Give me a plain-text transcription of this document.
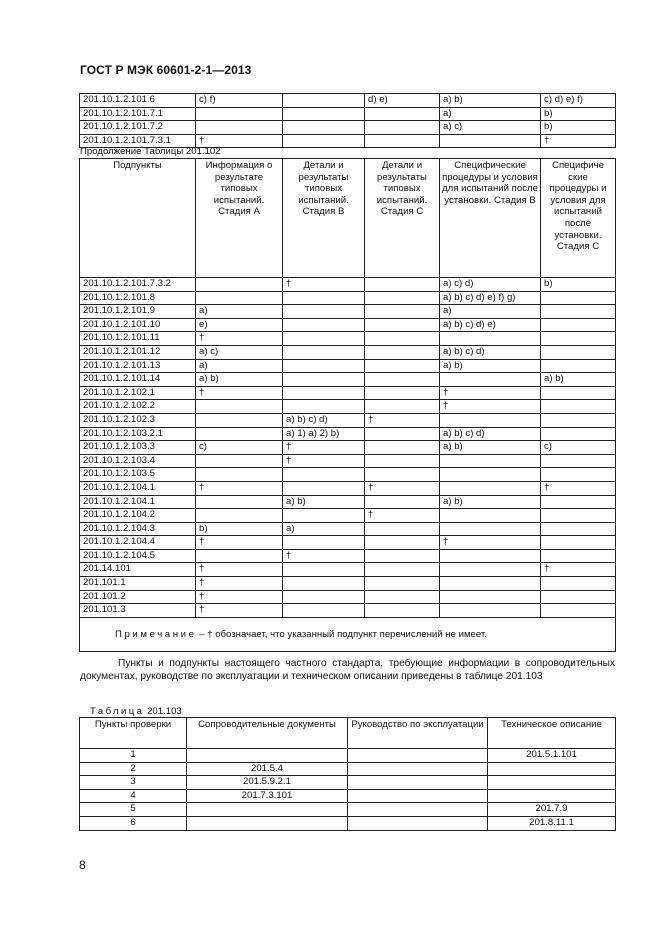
ГОСТ Р МЭК 60601-2-1—2013
201.10.1.2.101.6	c) f)		d) e)	a) b)	c) d) e) f)
201.10.1.2.101.7.1				a)	b)
201.10.1.2.101.7.2				a) c)	b)
201.10.1.2.101.7.3.1	†				†
Продолжение Таблицы 201.102
Подпункты	Информация о результате типовых испытаний. Стадия А	Детали и результаты типовых испытаний. Стадия В	Детали и результаты типовых испытаний. Стадия С	Специфические процедуры и условия для испытаний после установки. Стадия В	Специфиче ские процедуры и условия для испытаний после установки. Стадия С
201.10.1.2.101.7.3.2		†		a) c) d)	b)
201.10.1.2.101.8				a) b) c) d) e) f) g)	
201.10.1.2.101.9	a)			a)	
201.10.1.2.101.10	e)			a) b) c) d) e)	
201.10.1.2.101.11	†				
201.10.1.2.101.12	a) c)			a) b) c) d)	
201.10.1.2.101.13	a)			a) b)	
201.10.1.2.101.14	a) b)				a) b)
201.10.1.2.102.1	†			†	
201.10.1.2.102.2				†	
201.10.1.2.102.3		a) b) c) d)	†		
201.10.1.2.103.2.1		a) 1) a) 2) b)		a) b) c) d)	
201.10.1.2.103.3	c)	†		a) b)	c)
201.10.1.2.103.4		†			
201.10.1.2.103.5					
201.10.1.2.104.1	†		†		†
201.10.1.2.104.1		a) b)		a) b)	
201.10.1.2.104.2			†		
201.10.1.2.104.3	b)	a)			
201.10.1.2.104.4	†			†	
201.10.1.2.104.5		†			
201.14.101	†				†
201.101.1	†				
201.101.2	†				
201.101.3	†				
Примечание – † обозначает, что указанный подпункт перечислений не имеет.					
Пункты и подпункты настоящего частного стандарта, требующие информации в сопроводительных документах, руководстве по эксплуатации и техническом описании приведены в таблице 201.103
Таблица 201.103
Пункты проверки	Сопроводительные документы	Руководство по эксплуатации	Техническое описание
1			201.5.1.101
2	201.5.4		
3	201.5.9.2.1		
4	201.7.3.101		
5			201.7.9
6			201.8.11.1
8
